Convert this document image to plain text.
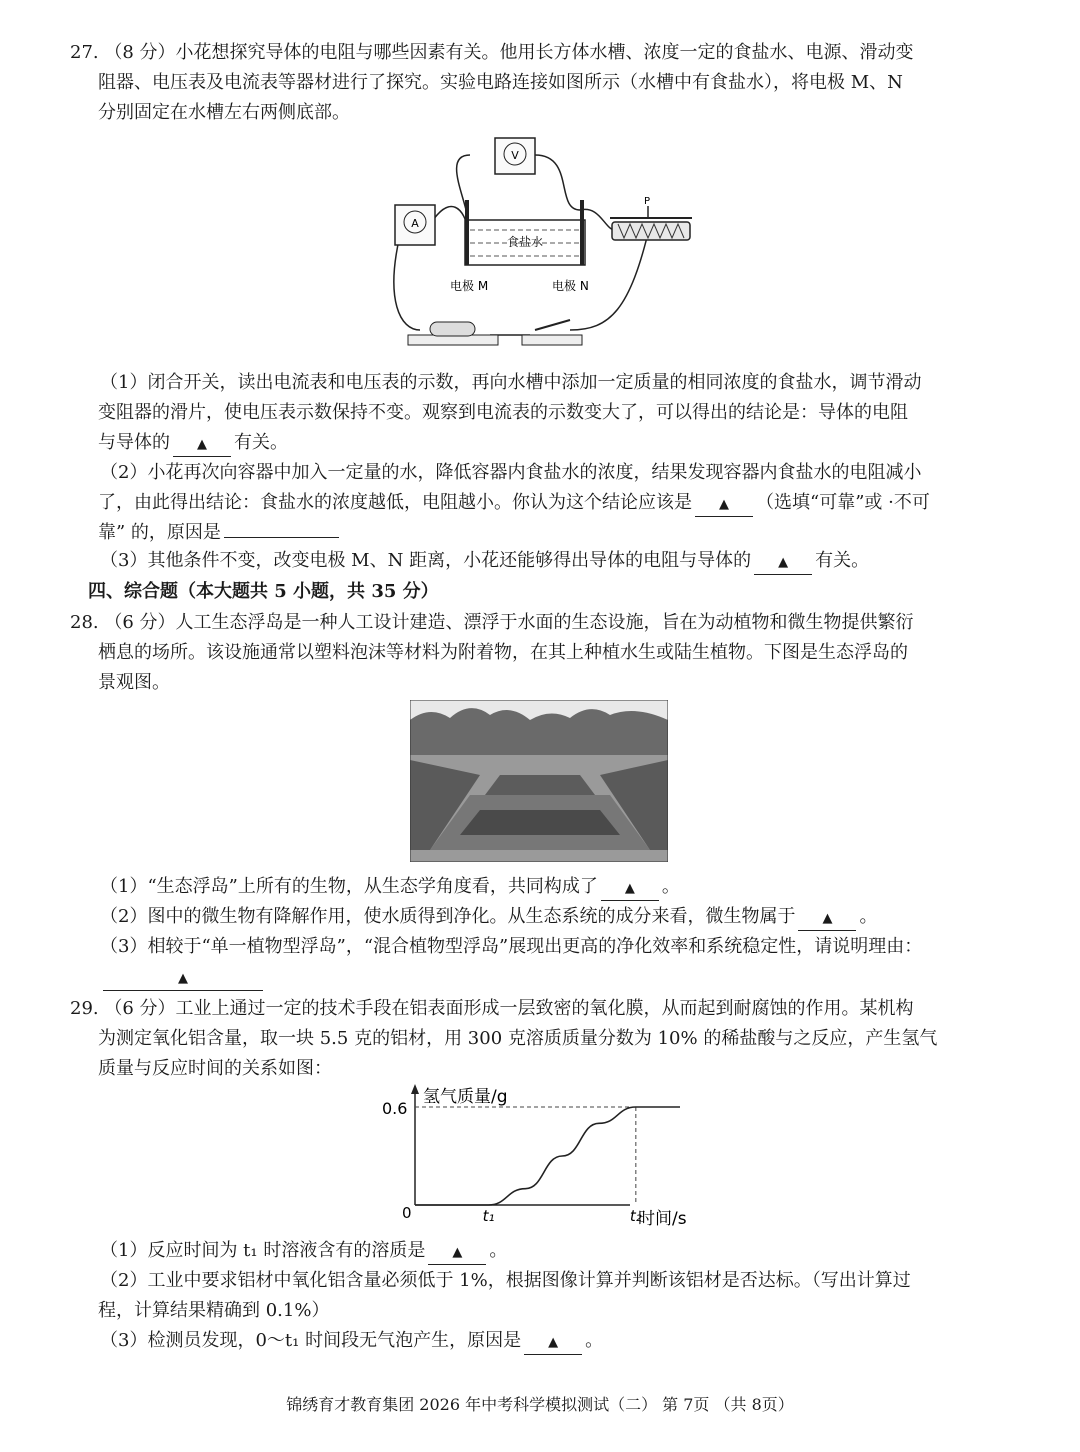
27. （8 分）小花想探究导体的电阻与哪些因素有关。他用长方体水槽、浓度一定的食盐水、电源、滑动变
阻器、电压表及电流表等器材进行了探究。实验电路连接如图所示（水槽中有食盐水），将电极 M、N
分别固定在水槽左右两侧底部。
V
A
食盐水
电极 M	电极 N
P
（1）闭合开关，读出电流表和电压表的示数，再向水槽中添加一定质量的相同浓度的食盐水，调节滑动
变阻器的滑片，使电压表示数保持不变。观察到电流表的示数变大了，可以得出的结论是：导体的电阻
与导体的 ▲ 有关。
（2）小花再次向容器中加入一定量的水，降低容器内食盐水的浓度，结果发现容器内食盐水的电阻减小
了，由此得出结论：食盐水的浓度越低，电阻越小。你认为这个结论应该是 ▲ （选填“可靠”或 ·不可
靠” 的，原因是
（3）其他条件不变，改变电极 M、N 距离，小花还能够得出导体的电阻与导体的 ▲ 有关。
四、综合题（本大题共 5 小题，共 35 分）
28. （6 分）人工生态浮岛是一种人工设计建造、漂浮于水面的生态设施，旨在为动植物和微生物提供繁衍
栖息的场所。该设施通常以塑料泡沫等材料为附着物，在其上种植水生或陆生植物。下图是生态浮岛的
景观图。
（1）“生态浮岛”上所有的生物，从生态学角度看，共同构成了 ▲ 。
（2）图中的微生物有降解作用，使水质得到净化。从生态系统的成分来看，微生物属于 ▲ 。
（3）相较于“单一植物型浮岛”，“混合植物型浮岛”展现出更高的净化效率和系统稳定性，请说明理由：
▲
29. （6 分）工业上通过一定的技术手段在铝表面形成一层致密的氧化膜，从而起到耐腐蚀的作用。某机构
为测定氧化铝含量，取一块 5.5 克的铝材，用 300 克溶质质量分数为 10% 的稀盐酸与之反应，产生氢气
质量与反应时间的关系如图：
氢气质量/g
0
0.6
t₁	t₂
时间/s
（1）反应时间为 t₁ 时溶液含有的溶质是 ▲ 。
（2）工业中要求铝材中氧化铝含量必须低于 1%，根据图像计算并判断该铝材是否达标。（写出计算过
程，计算结果精确到 0.1%）
（3）检测员发现，0～t₁ 时间段无气泡产生，原因是 ▲ 。
锦绣育才教育集团 2026 年中考科学模拟测试（二） 第 7页 （共 8页）
